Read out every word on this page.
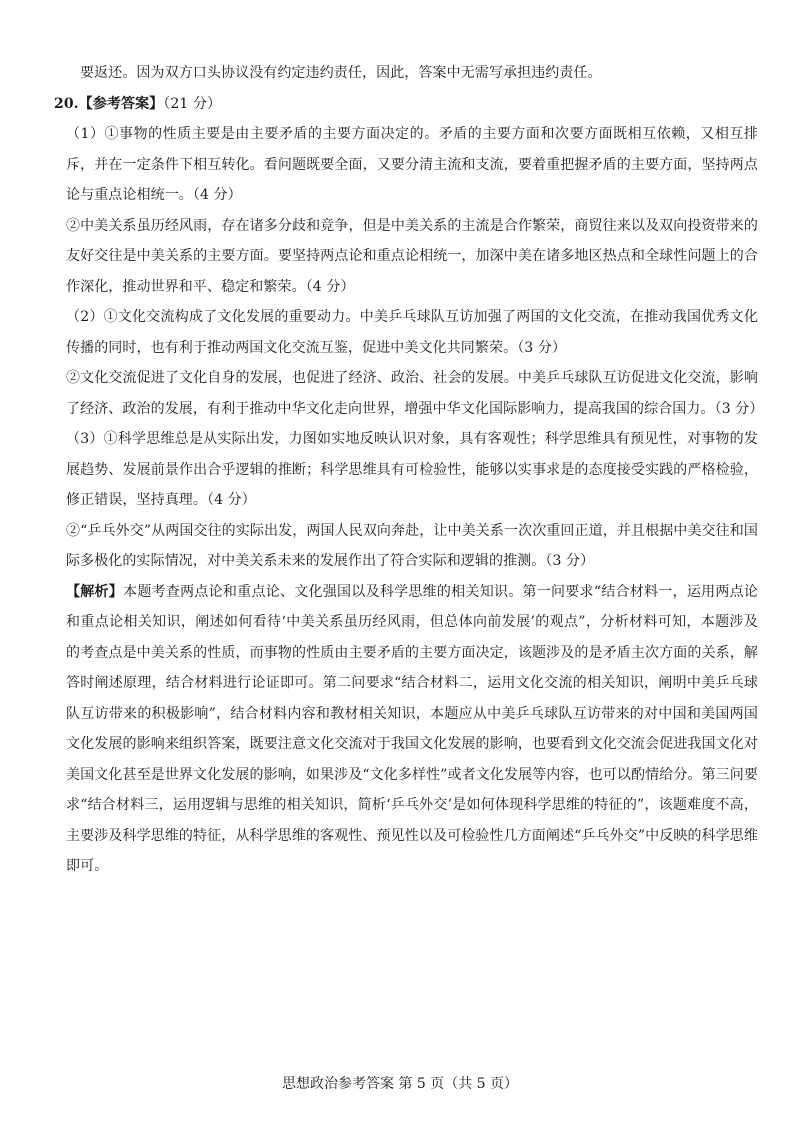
要返还。因为双方口头协议没有约定违约责任，因此，答案中无需写承担违约责任。

20.【参考答案】（21 分）

（1）①事物的性质主要是由主要矛盾的主要方面决定的。矛盾的主要方面和次要方面既相互依赖，又相互排斥，并在一定条件下相互转化。看问题既要全面，又要分清主流和支流，要着重把握矛盾的主要方面，坚持两点论与重点论相统一。（4 分）

②中美关系虽历经风雨，存在诸多分歧和竞争，但是中美关系的主流是合作繁荣，商贸往来以及双向投资带来的友好交往是中美关系的主要方面。要坚持两点论和重点论相统一，加深中美在诸多地区热点和全球性问题上的合作深化，推动世界和平、稳定和繁荣。（4 分）

（2）①文化交流构成了文化发展的重要动力。中美乒乓球队互访加强了两国的文化交流，在推动我国优秀文化传播的同时，也有利于推动两国文化交流互鉴，促进中美文化共同繁荣。（3 分）

②文化交流促进了文化自身的发展，也促进了经济、政治、社会的发展。中美乒乓球队互访促进文化交流，影响了经济、政治的发展，有利于推动中华文化走向世界，增强中华文化国际影响力，提高我国的综合国力。（3 分）

（3）①科学思维总是从实际出发，力图如实地反映认识对象，具有客观性；科学思维具有预见性，对事物的发展趋势、发展前景作出合乎逻辑的推断；科学思维具有可检验性，能够以实事求是的态度接受实践的严格检验，修正错误，坚持真理。（4 分）

②“乒乓外交”从两国交往的实际出发，两国人民双向奔赴，让中美关系一次次重回正道，并且根据中美交往和国际多极化的实际情况，对中美关系未来的发展作出了符合实际和逻辑的推测。（3 分）

【解析】本题考查两点论和重点论、文化强国以及科学思维的相关知识。第一问要求“结合材料一，运用两点论和重点论相关知识，阐述如何看待‘中美关系虽历经风雨，但总体向前发展’的观点”，分析材料可知，本题涉及的考查点是中美关系的性质，而事物的性质由主要矛盾的主要方面决定，该题涉及的是矛盾主次方面的关系，解答时阐述原理，结合材料进行论证即可。第二问要求“结合材料二，运用文化交流的相关知识，阐明中美乒乓球队互访带来的积极影响”，结合材料内容和教材相关知识，本题应从中美乒乓球队互访带来的对中国和美国两国文化发展的影响来组织答案，既要注意文化交流对于我国文化发展的影响，也要看到文化交流会促进我国文化对美国文化甚至是世界文化发展的影响，如果涉及“文化多样性”或者文化发展等内容，也可以酌情给分。第三问要求“结合材料三，运用逻辑与思维的相关知识，简析‘乒乓外交’是如何体现科学思维的特征的”，该题难度不高，主要涉及科学思维的特征，从科学思维的客观性、预见性以及可检验性几方面阐述“乒乓外交”中反映的科学思维即可。

思想政治参考答案 第 5 页（共 5 页）
